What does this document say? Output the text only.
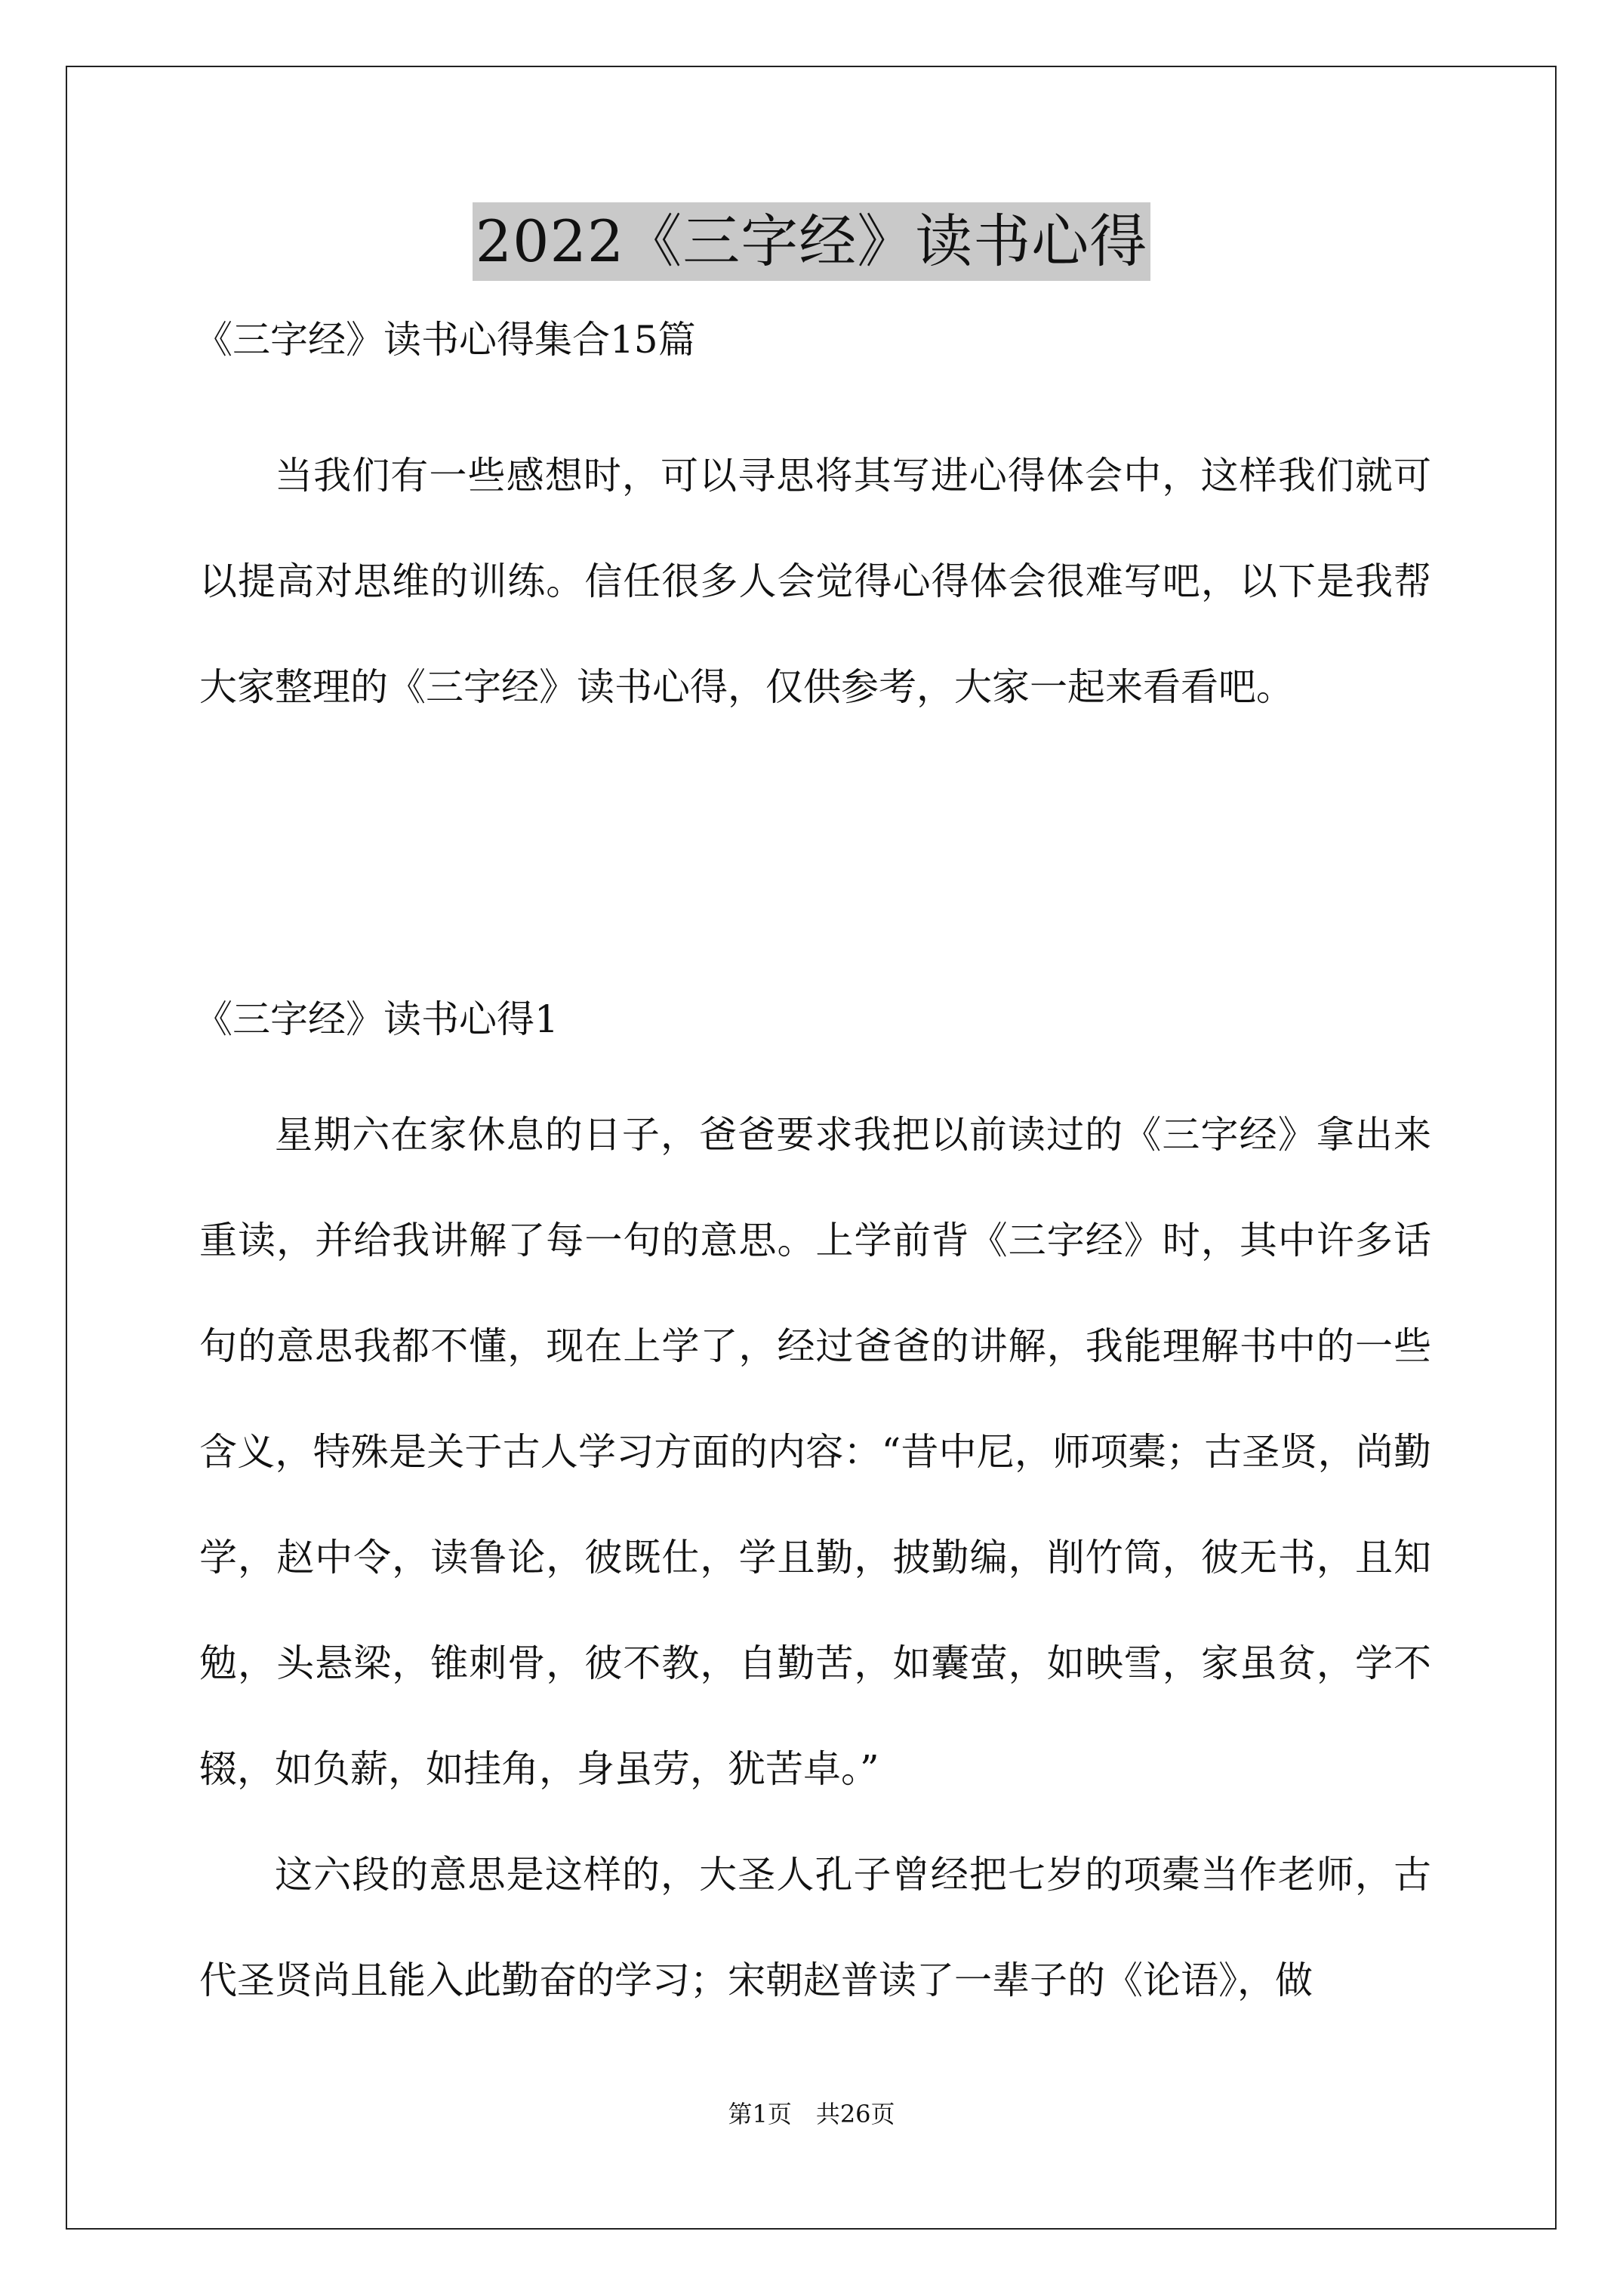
2022《三字经》读书心得
《三字经》读书心得集合15篇

当我们有一些感想时，可以寻思将其写进心得体会中，这样我们就可以提高对思维的训练。信任很多人会觉得心得体会很难写吧，以下是我帮大家整理的《三字经》读书心得，仅供参考，大家一起来看看吧。

《三字经》读书心得1

星期六在家休息的日子，爸爸要求我把以前读过的《三字经》拿出来重读，并给我讲解了每一句的意思。上学前背《三字经》时，其中许多话句的意思我都不懂，现在上学了，经过爸爸的讲解，我能理解书中的一些含义，特殊是关于古人学习方面的内容：“昔中尼，师项橐；古圣贤，尚勤学，赵中令，读鲁论，彼既仕，学且勤，披勤编，削竹筒，彼无书，且知勉，头悬梁，锥刺骨，彼不教，自勤苦，如囊萤，如映雪，家虽贫，学不辍，如负薪，如挂角，身虽劳，犹苦卓。”

这六段的意思是这样的，大圣人孔子曾经把七岁的项橐当作老师，古代圣贤尚且能入此勤奋的学习；宋朝赵普读了一辈子的《论语》，做

第1页　共26页
